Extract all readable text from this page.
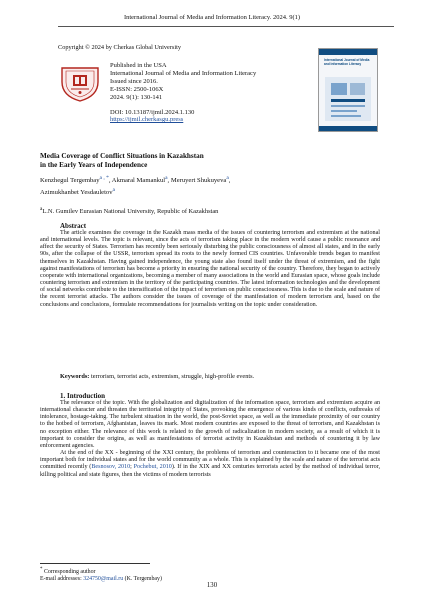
International Journal of Media and Information Literacy. 2024. 9(1)
Copyright © 2024 by Cherkas Global University
Published in the USA
International Journal of Media and Information Literacy
Issued since 2016.
E-ISSN: 2500-106X
2024. 9(1): 130-141
DOI: 10.13187/ijmil.2024.1.130
https://ijmil.cherkasgu.press
International Journal of Media and Information Literacy
Media Coverage of Conflict Situations in Kazakhstan
in the Early Years of Independence
Kenzhegul Tergembay$^{a , *}$, Akmaral Mamankul$^a$, Meruyert Shukuyeva$^a$,
Azimukhanbet Yesdauletov$^a$
$^a$L.N. Gumilev Eurasian National University, Republic of Kazakhstan
Abstract

The article examines the coverage in the Kazakh mass media of the issues of countering terrorism and extremism at the national and international levels. The topic is relevant, since the acts of terrorism taking place in the modern world cause a public resonance and affect the security of States. Terrorism has recently been seriously disturbing the public consciousness of almost all states, and in the early 90s, after the collapse of the USSR, terrorism spread its roots to the newly formed CIS countries. Unfavorable trends began to manifest themselves in Kazakhstan. Having gained independence, the young state also found itself under the threat of extremism, and the fight against manifestations of terrorism has become a priority in ensuring the national security of the country. Therefore, they began to actively cooperate with international organizations, becoming a member of many associations in the world and Eurasian space, whose goals include countering terrorism and extremism in the territory of the participating countries. The latest information technologies and the development of social networks contribute to the intensification of the impact of terrorism on public consciousness. This is due to the scale and nature of the recent terrorist attacks. The authors consider the issues of coverage of the manifestation of modern terrorism and, based on the conclusions and conclusions, formulate recommendations for journalists writing on the topic under consideration.

Keywords: terrorism, terrorist acts, extremism, struggle, high-profile events.
1. Introduction

The relevance of the topic. With the globalization and digitalization of the information space, terrorism and extremism acquire an international character and threaten the territorial integrity of States, provoking the emergence of various kinds of conflicts, outbreaks of intolerance, hostage-taking. The turbulent situation in the world, the post-Soviet space, as well as the immediate proximity of our country to the hotbed of terrorism, Afghanistan, leaves its mark. Most modern countries are exposed to the threat of terrorism, and Kazakhstan is no exception either. The relevance of this work is related to the growth of radicalization in modern society, as a result of which it is important to consider the origins, as well as manifestations of terrorist activity in Kazakhstan and methods of countering it by law enforcement agencies.

At the end of the XX - beginning of the XXI century, the problems of terrorism and counteraction to it became one of the most important both for individual states and for the world community as a whole. This is explained by the scale and nature of the terrorist acts committed recently (Besnosov, 2010; Pochebut, 2010). If in the XIX and XX centuries terrorists acted by the method of individual terror, killing political and state figures, then the victims of modern terrorists

* Corresponding author
E-mail addresses: 324750@mail.ru (K. Tergembay)
130
